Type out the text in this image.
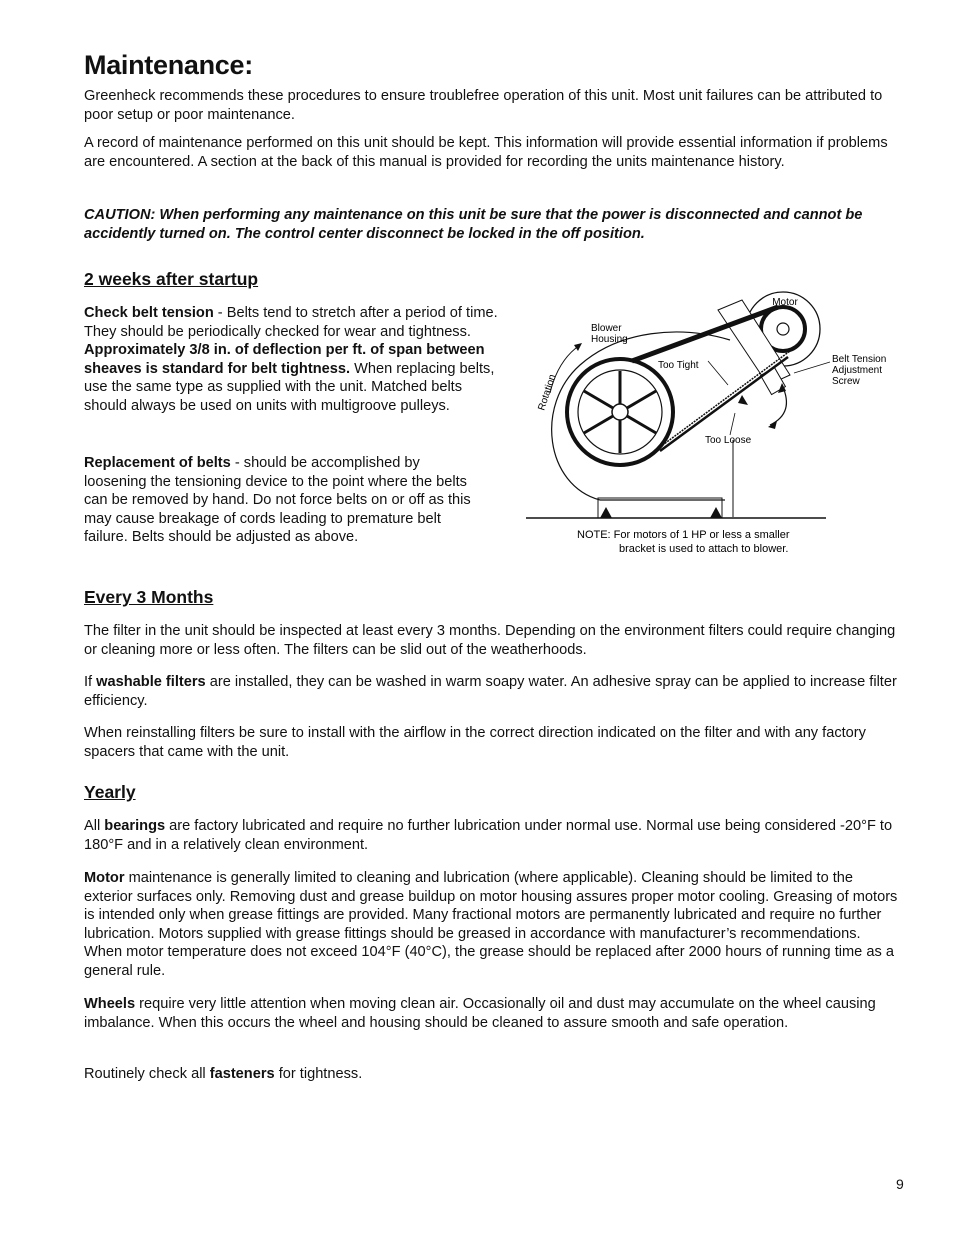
Maintenance:

Greenheck recommends these procedures to ensure troublefree operation of this unit. Most unit failures can be attributed to poor setup or poor maintenance.

A record of maintenance performed on this unit should be kept. This information will provide essential information if problems are encountered. A section at the back of this manual is provided for recording the units maintenance history.

CAUTION: When performing any maintenance on this unit be sure that the power is disconnected and cannot be accidently turned on. The control center disconnect be locked in the off position.

2 weeks after startup

Check belt tension - Belts tend to stretch after a period of time. They should be periodically checked for wear and tightness. Approximately 3/8 in. of deflection per ft. of span between sheaves is standard for belt tightness. When replacing belts, use the same type as supplied with the unit. Matched belts should always be used on units with multigroove pulleys.

Replacement of belts - should be accomplished by loosening the tensioning device to the point where the belts can be removed by hand. Do not force belts on or off as this may cause breakage of cords leading to premature belt failure. Belts should be adjusted as above.

Motor
Blower
Housing
Too Tight
Too Loose
Rotation
Belt Tension
Adjustment
Screw
NOTE: For motors of 1 HP or less a smaller
bracket is used to attach to blower.
Every 3 Months

The filter in the unit should be inspected at least every 3 months. Depending on the environment filters could require changing or cleaning more or less often. The filters can be slid out of the weatherhoods.

If washable filters are installed, they can be washed in warm soapy water. An adhesive spray can be applied to increase filter efficiency.

When reinstalling filters be sure to install with the airflow in the correct direction indicated on the filter and with any factory spacers that came with the unit.

Yearly

All bearings are factory lubricated and require no further lubrication under normal use. Normal use being considered -20°F to 180°F and in a relatively clean environment.

Motor maintenance is generally limited to cleaning and lubrication (where applicable). Cleaning should be limited to the exterior surfaces only. Removing dust and grease buildup on motor housing assures proper motor cooling. Greasing of motors is intended only when grease fittings are provided. Many fractional motors are permanently lubricated and require no further lubrication. Motors supplied with grease fittings should be greased in accordance with manufacturer’s recommendations. When motor temperature does not exceed 104°F (40°C), the grease should be replaced after 2000 hours of running time as a general rule.

Wheels require very little attention when moving clean air. Occasionally oil and dust may accumulate on the wheel causing imbalance. When this occurs the wheel and housing should be cleaned to assure smooth and safe operation.

Routinely check all fasteners for tightness.

9
